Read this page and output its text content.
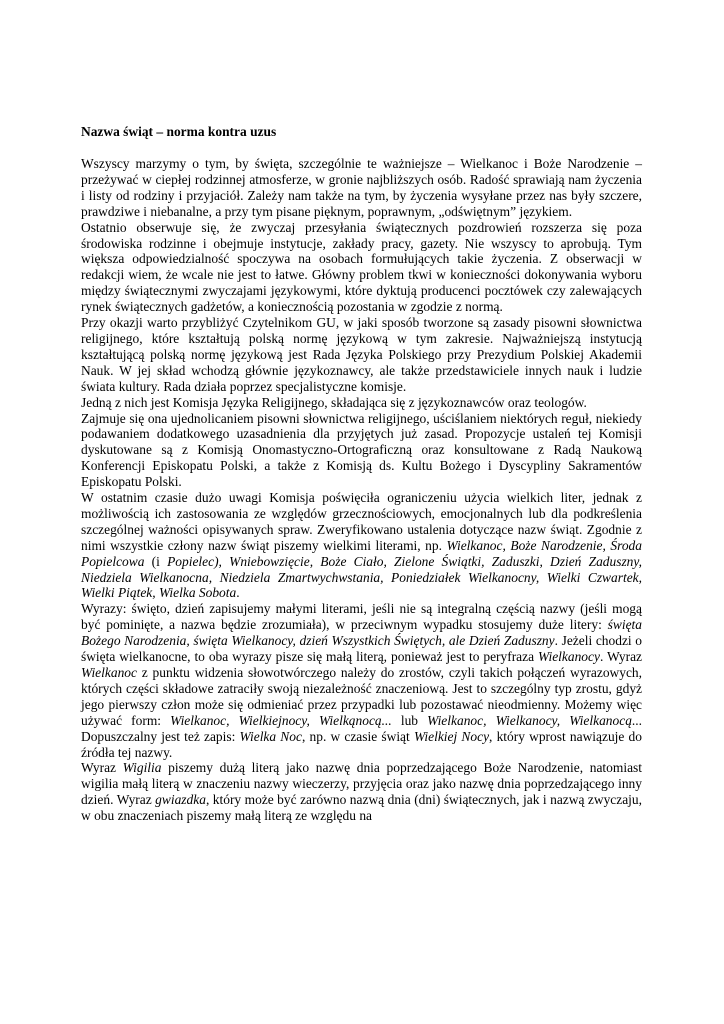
Nazwa świąt – norma kontra uzus

Wszyscy marzymy o tym, by święta, szczególnie te ważniejsze – Wielkanoc i Boże Narodzenie – przeżywać w ciepłej rodzinnej atmosferze, w gronie najbliższych osób. Radość sprawiają nam życzenia i listy od rodziny i przyjaciół. Zależy nam także na tym, by życzenia wysyłane przez nas były szczere, prawdziwe i niebanalne, a przy tym pisane pięknym, poprawnym, „odświętnym” językiem.

Ostatnio obserwuje się, że zwyczaj przesyłania świątecznych pozdrowień rozszerza się poza środowiska rodzinne i obejmuje instytucje, zakłady pracy, gazety. Nie wszyscy to aprobują. Tym większa odpowiedzialność spoczywa na osobach formułujących takie życzenia. Z obserwacji w redakcji wiem, że wcale nie jest to łatwe. Główny problem tkwi w konieczności dokonywania wyboru między świątecznymi zwyczajami językowymi, które dyktują producenci pocztówek czy zalewających rynek świątecznych gadżetów, a koniecznością pozostania w zgodzie z normą.

Przy okazji warto przybliżyć Czytelnikom GU, w jaki sposób tworzone są zasady pisowni słownictwa religijnego, które kształtują polską normę językową w tym zakresie. Najważniejszą instytucją kształtującą polską normę językową jest Rada Języka Polskiego przy Prezydium Polskiej Akademii Nauk. W jej skład wchodzą głównie językoznawcy, ale także przedstawiciele innych nauk i ludzie świata kultury. Rada działa poprzez specjalistyczne komisje.

Jedną z nich jest Komisja Języka Religijnego, składająca się z językoznawców oraz teologów.

Zajmuje się ona ujednolicaniem pisowni słownictwa religijnego, uściślaniem niektórych reguł, niekiedy podawaniem dodatkowego uzasadnienia dla przyjętych już zasad. Propozycje ustaleń tej Komisji dyskutowane są z Komisją Onomastyczno-Ortograficzną oraz konsultowane z Radą Naukową Konferencji Episkopatu Polski, a także z Komisją ds. Kultu Bożego i Dyscypliny Sakramentów Episkopatu Polski.

W ostatnim czasie dużo uwagi Komisja poświęciła ograniczeniu użycia wielkich liter, jednak z możliwością ich zastosowania ze względów grzecznościowych, emocjonalnych lub dla podkreślenia szczególnej ważności opisywanych spraw. Zweryfikowano ustalenia dotyczące nazw świąt. Zgodnie z nimi wszystkie człony nazw świąt piszemy wielkimi literami, np. Wielkanoc, Boże Narodzenie, Środa Popielcowa (i Popielec), Wniebowzięcie, Boże Ciało, Zielone Świątki, Zaduszki, Dzień Zaduszny, Niedziela Wielkanocna, Niedziela Zmartwychwstania, Poniedziałek Wielkanocny, Wielki Czwartek, Wielki Piątek, Wielka Sobota.

Wyrazy: święto, dzień zapisujemy małymi literami, jeśli nie są integralną częścią nazwy (jeśli mogą być pominięte, a nazwa będzie zrozumiała), w przeciwnym wypadku stosujemy duże litery: święta Bożego Narodzenia, święta Wielkanocy, dzień Wszystkich Świętych, ale Dzień Zaduszny. Jeżeli chodzi o święta wielkanocne, to oba wyrazy pisze się małą literą, ponieważ jest to peryfraza Wielkanocy. Wyraz Wielkanoc z punktu widzenia słowotwórczego należy do zrostów, czyli takich połączeń wyrazowych, których części składowe zatraciły swoją niezależność znaczeniową. Jest to szczególny typ zrostu, gdyż jego pierwszy człon może się odmieniać przez przypadki lub pozostawać nieodmienny. Możemy więc używać form: Wielkanoc, Wielkiejnocy, Wielkąnocą... lub Wielkanoc, Wielkanocy, Wielkanocą... Dopuszczalny jest też zapis: Wielka Noc, np. w czasie świąt Wielkiej Nocy, który wprost nawiązuje do źródła tej nazwy.

Wyraz Wigilia piszemy dużą literą jako nazwę dnia poprzedzającego Boże Narodzenie, natomiast wigilia małą literą w znaczeniu nazwy wieczerzy, przyjęcia oraz jako nazwę dnia poprzedzającego inny dzień. Wyraz gwiazdka, który może być zarówno nazwą dnia (dni) świątecznych, jak i nazwą zwyczaju, w obu znaczeniach piszemy małą literą ze względu na
